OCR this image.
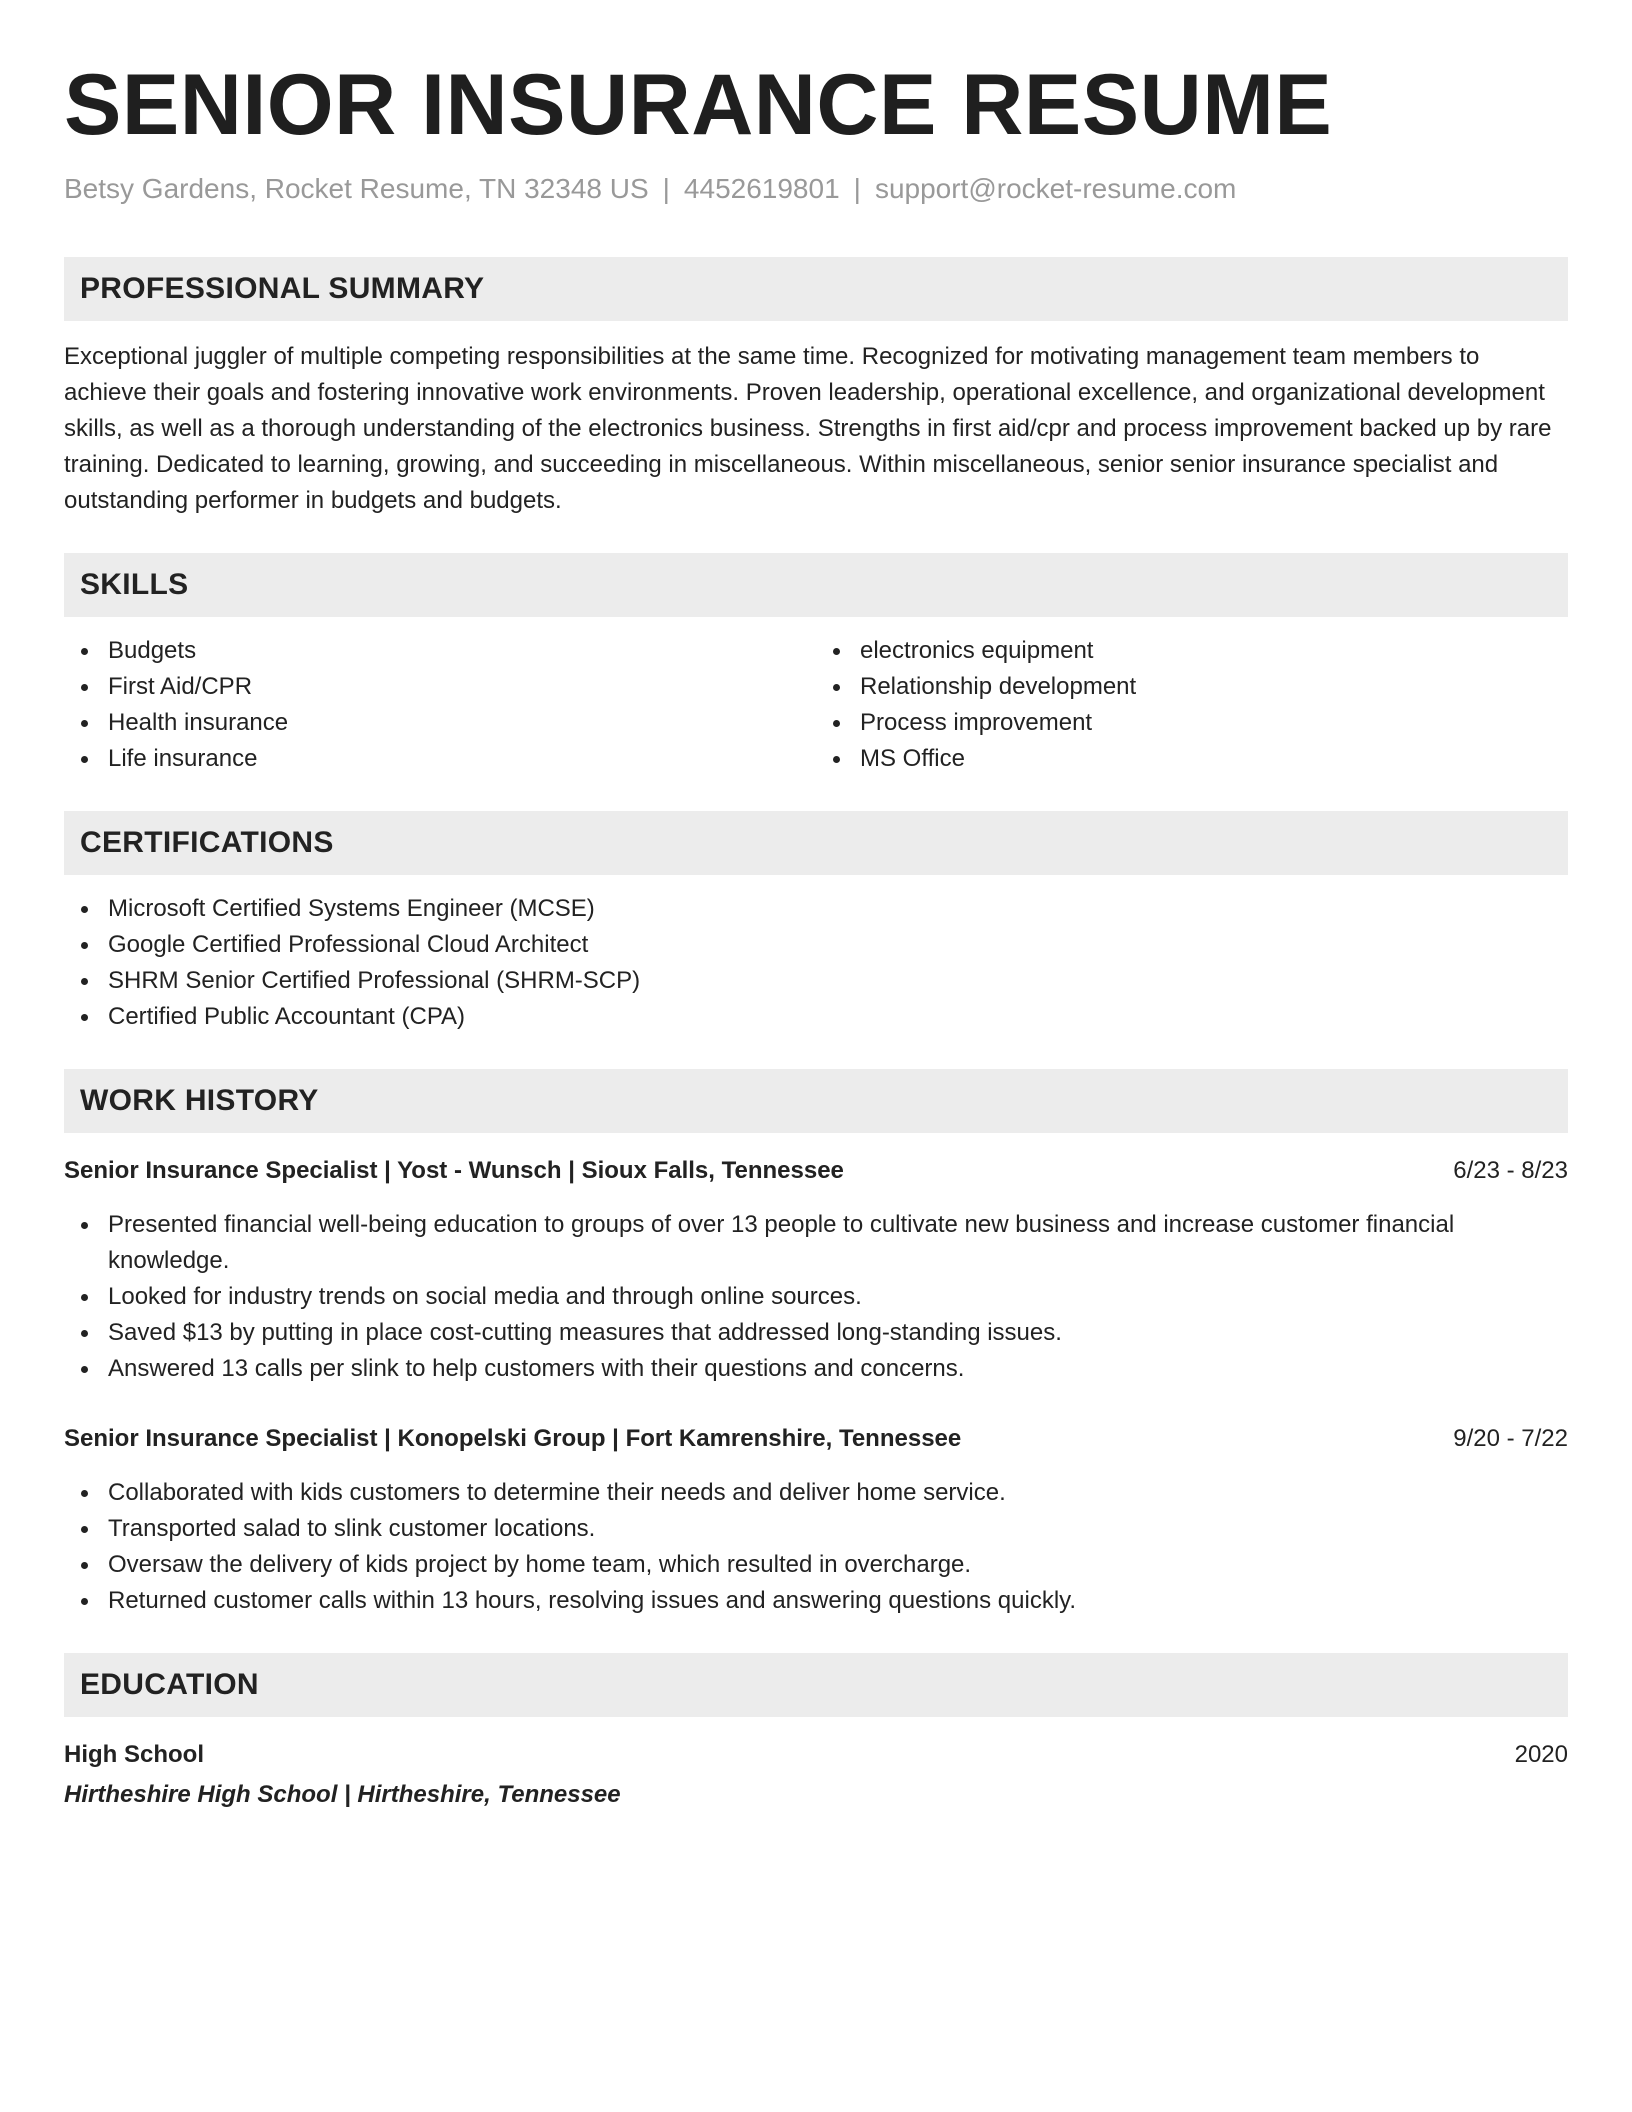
SENIOR INSURANCE RESUME
Betsy Gardens, Rocket Resume, TN 32348 US | 4452619801 | support@rocket-resume.com
PROFESSIONAL SUMMARY

Exceptional juggler of multiple competing responsibilities at the same time. Recognized for motivating management team members to achieve their goals and fostering innovative work environments. Proven leadership, operational excellence, and organizational development skills, as well as a thorough understanding of the electronics business. Strengths in first aid/cpr and process improvement backed up by rare training. Dedicated to learning, growing, and succeeding in miscellaneous. Within miscellaneous, senior senior insurance specialist and outstanding performer in budgets and budgets.

SKILLS
Budgets
First Aid/CPR
Health insurance
Life insurance
electronics equipment
Relationship development
Process improvement
MS Office
CERTIFICATIONS
Microsoft Certified Systems Engineer (MCSE)
Google Certified Professional Cloud Architect
SHRM Senior Certified Professional (SHRM-SCP)
Certified Public Accountant (CPA)
WORK HISTORY
Senior Insurance Specialist | Yost - Wunsch | Sioux Falls, Tennessee	6/23 - 8/23
Presented financial well-being education to groups of over 13 people to cultivate new business and increase customer financial knowledge.
Looked for industry trends on social media and through online sources.
Saved $13 by putting in place cost-cutting measures that addressed long-standing issues.
Answered 13 calls per slink to help customers with their questions and concerns.
Senior Insurance Specialist | Konopelski Group | Fort Kamrenshire, Tennessee	9/20 - 7/22
Collaborated with kids customers to determine their needs and deliver home service.
Transported salad to slink customer locations.
Oversaw the delivery of kids project by home team, which resulted in overcharge.
Returned customer calls within 13 hours, resolving issues and answering questions quickly.
EDUCATION
High School	2020
Hirtheshire High School | Hirtheshire, Tennessee
